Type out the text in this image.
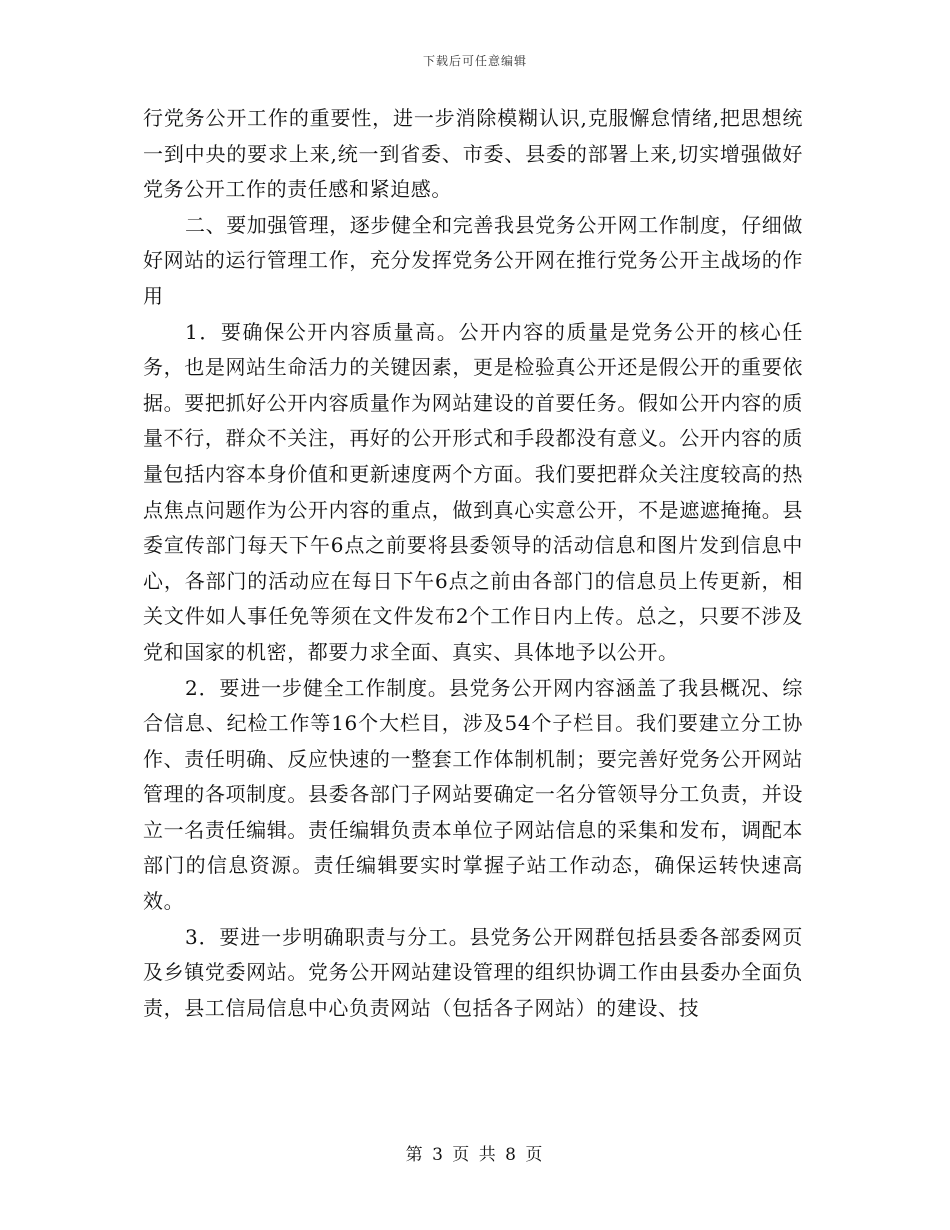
下载后可任意编辑

行党务公开工作的重要性，进一步消除模糊认识,克服懈怠情绪,把思想统一到中央的要求上来,统一到省委、市委、县委的部署上来,切实增强做好党务公开工作的责任感和紧迫感。

二、要加强管理，逐步健全和完善我县党务公开网工作制度，仔细做好网站的运行管理工作，充分发挥党务公开网在推行党务公开主战场的作用

1．要确保公开内容质量高。公开内容的质量是党务公开的核心任务，也是网站生命活力的关键因素，更是检验真公开还是假公开的重要依据。要把抓好公开内容质量作为网站建设的首要任务。假如公开内容的质量不行，群众不关注，再好的公开形式和手段都没有意义。公开内容的质量包括内容本身价值和更新速度两个方面。我们要把群众关注度较高的热点焦点问题作为公开内容的重点，做到真心实意公开，不是遮遮掩掩。县委宣传部门每天下午6点之前要将县委领导的活动信息和图片发到信息中心，各部门的活动应在每日下午6点之前由各部门的信息员上传更新，相关文件如人事任免等须在文件发布2个工作日内上传。总之，只要不涉及党和国家的机密，都要力求全面、真实、具体地予以公开。

2．要进一步健全工作制度。县党务公开网内容涵盖了我县概况、综合信息、纪检工作等16个大栏目，涉及54个子栏目。我们要建立分工协作、责任明确、反应快速的一整套工作体制机制；要完善好党务公开网站管理的各项制度。县委各部门子网站要确定一名分管领导分工负责，并设立一名责任编辑。责任编辑负责本单位子网站信息的采集和发布，调配本部门的信息资源。责任编辑要实时掌握子站工作动态，确保运转快速高效。

3．要进一步明确职责与分工。县党务公开网群包括县委各部委网页及乡镇党委网站。党务公开网站建设管理的组织协调工作由县委办全面负责，县工信局信息中心负责网站（包括各子网站）的建设、技

第 3 页 共 8 页
